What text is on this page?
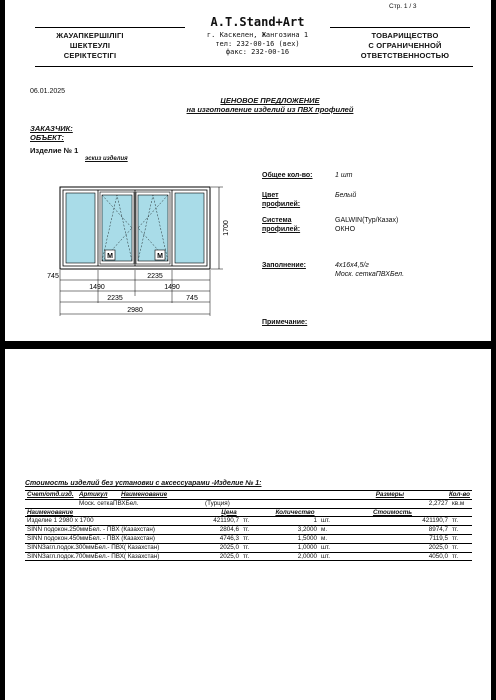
Стр. 1 / 3
ЖАУАПКЕРШІЛІГІ
ШЕКТЕУЛІ
СЕРІКТЕСТІГІ
A.T.Stand+Art
г. Каскелен, Жангозина 1
тел: 232-00-16 (вех)
факс: 232-00-16
ТОВАРИЩЕСТВО
С ОГРАНИЧЕННОЙ
ОТВЕТСТВЕННОСТЬЮ
06.01.2025
ЦЕНОВОЕ ПРЕДЛОЖЕНИЕ
на изготовление изделий из ПВХ профилей
ЗАКАЗЧИК:
ОБЪЕКТ:
Изделие № 1
эскиз изделия
Общее кол-во:	1 шт
Цвет
профилей:
Белый
Система
профилей:
GALWIN(Тур/Казах)
ОКНО
Заполнение:	4х16х4,5/г
Моск. сеткаПВХБел.
Примечание:
M	M
1700
745	2235
1490	1490
2235	745
2980
Стоимость изделий без установки с аксессуарами -Изделие № 1:
Счет/отд.изд.	Артикул	Наименование						Размеры	Кол-во	
	Моск. сеткаПВХБел.		(Турция)						2,2727	кв.м
Наименование			Цена		Количество		Стоимость			
Изделие 1 2980 x 1700			421190,7	тг.	1	шт.		421190,7		тг.
SINN подокон.250ммБел. - ПВХ (Казахстан)			2804,6	тг.	3,2000	м.		8974,7		тг.
SINN подокон.450ммБел. - ПВХ (Казахстан)			4746,3	тг.	1,5000	м.		7119,5		тг.
SINNЗагл.подок.300ммБел.- ПВХ( Казахстан)			2025,0	тг.	1,0000	шт.		2025,0		тг.
SINNЗагл.подок.700ммБел.- ПВХ( Казахстан)			2025,0	тг.	2,0000	шт.		4050,0		тг.
